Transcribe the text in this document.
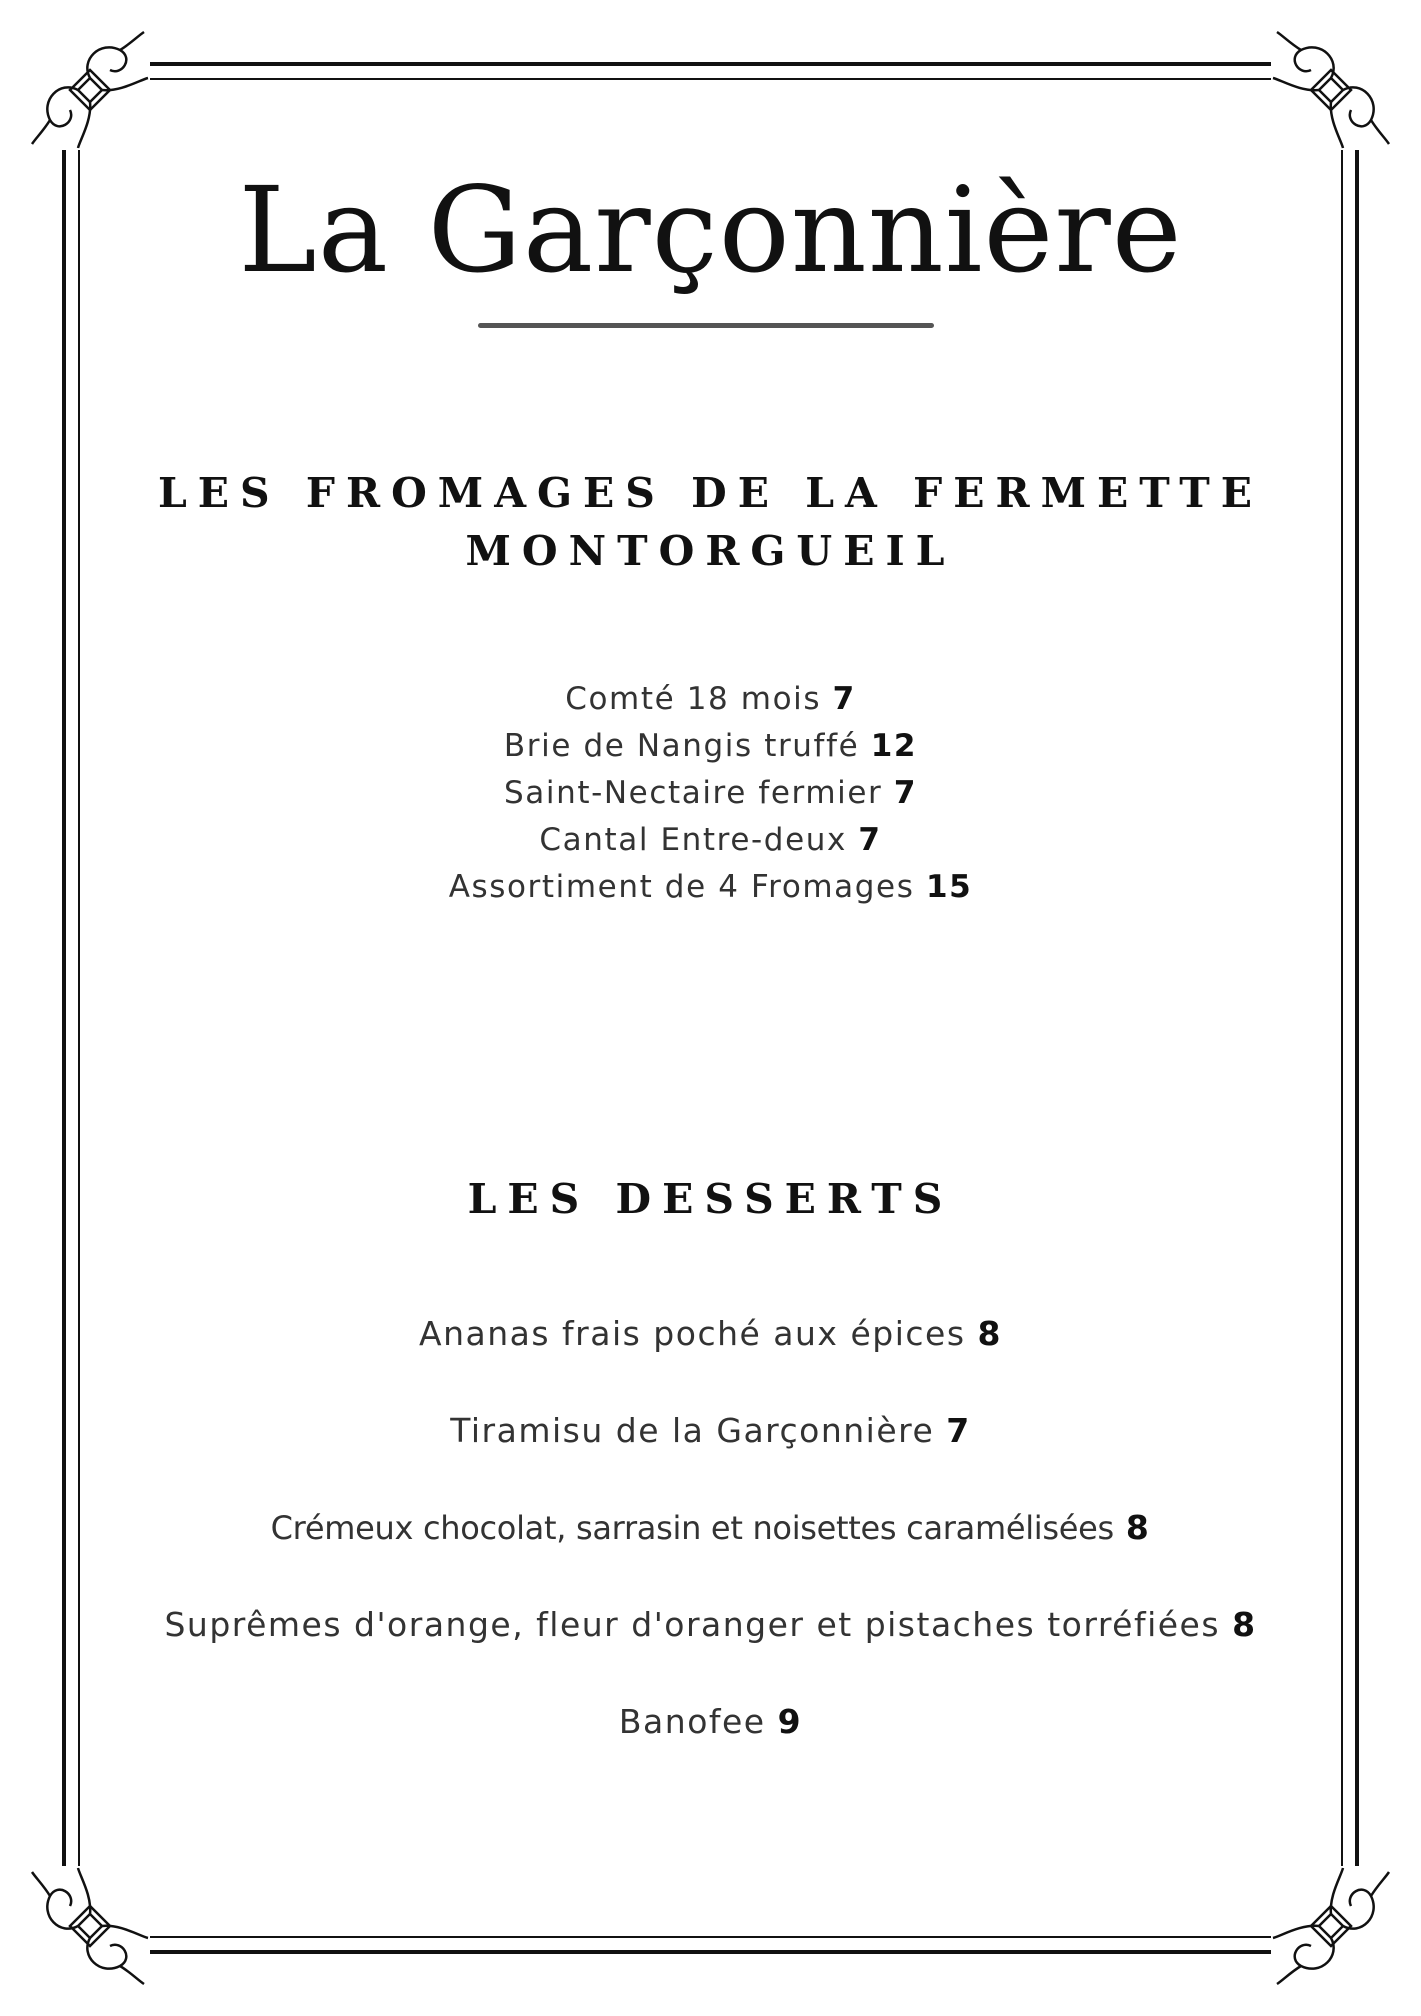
La Garçonnière
LES FROMAGES DE LA FERMETTE
MONTORGUEIL
Comté 18 mois 7
Brie de Nangis truffé 12
Saint-Nectaire fermier 7
Cantal Entre-deux 7
Assortiment de 4 Fromages 15
LES DESSERTS
Ananas frais poché aux épices 8
Tiramisu de la Garçonnière 7
Crémeux chocolat, sarrasin et noisettes caramélisées 8
Suprêmes d'orange, fleur d'oranger et pistaches torréfiées 8
Banofee 9
